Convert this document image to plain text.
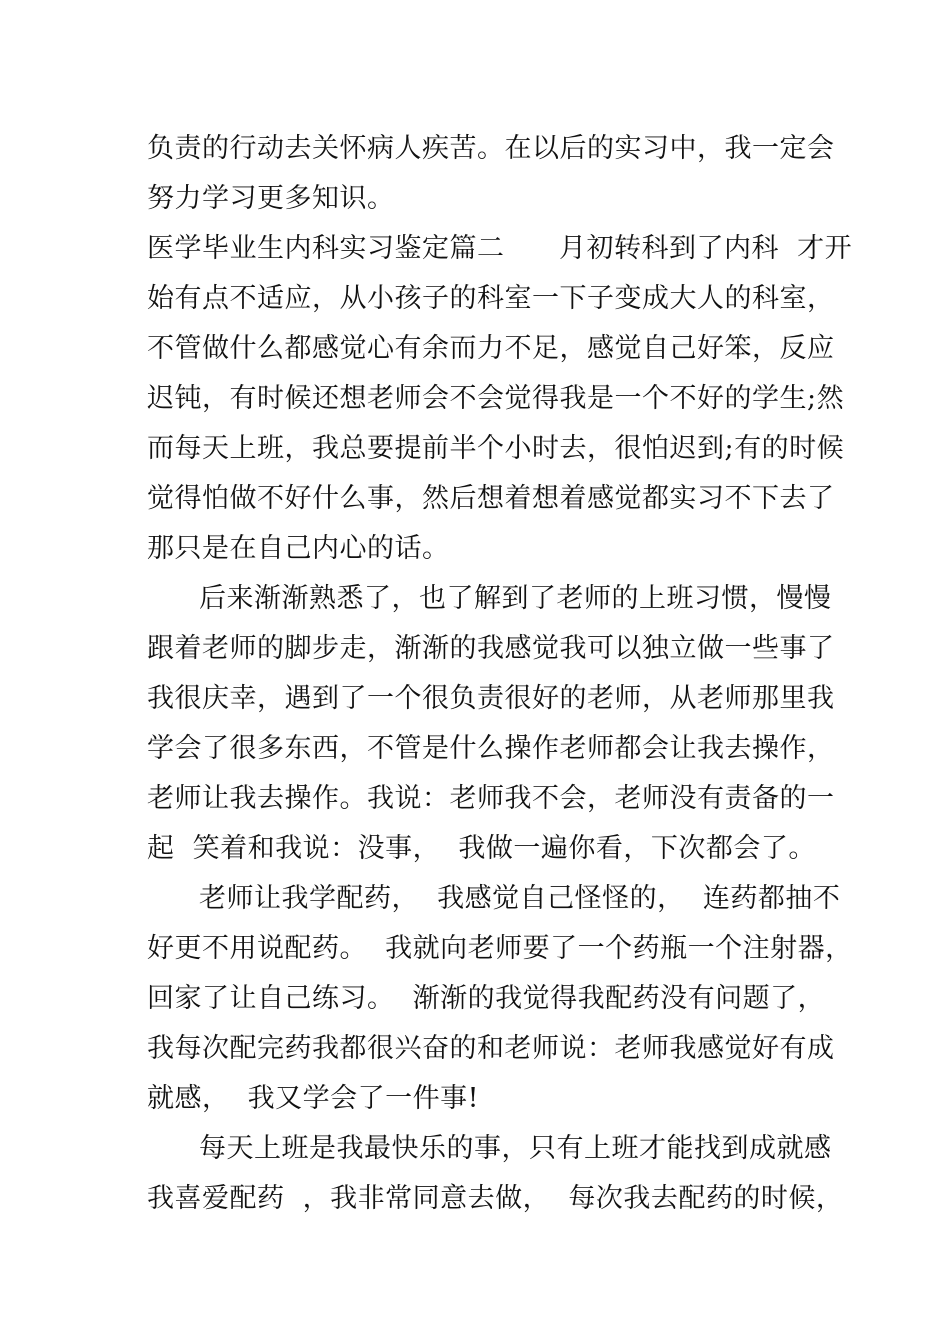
负责的行动去关怀病人疾苦。在以后的实习中，我一定会
努力学习更多知识。
医学毕业生内科实习鉴定篇二      月初转科到了内科  才开
始有点不适应，从小孩子的科室一下子变成大人的科室，
不管做什么都感觉心有余而力不足，感觉自己好笨，反应
迟钝，有时候还想老师会不会觉得我是一个不好的学生;然
而每天上班，我总要提前半个小时去，很怕迟到;有的时候
觉得怕做不好什么事，然后想着想着感觉都实习不下去了
那只是在自己内心的话。
后来渐渐熟悉了，也了解到了老师的上班习惯，慢慢
跟着老师的脚步走，渐渐的我感觉我可以独立做一些事了
我很庆幸，遇到了一个很负责很好的老师，从老师那里我
学会了很多东西，不管是什么操作老师都会让我去操作，
老师让我去操作。我说：老师我不会，老师没有责备的一
起  笑着和我说：没事，  我做一遍你看，下次都会了。
老师让我学配药，  我感觉自己怪怪的，  连药都抽不
好更不用说配药。  我就向老师要了一个药瓶一个注射器，
回家了让自己练习。  渐渐的我觉得我配药没有问题了，
我每次配完药我都很兴奋的和老师说：老师我感觉好有成
就感，  我又学会了一件事!
每天上班是我最快乐的事，只有上班才能找到成就感
我喜爱配药  ，我非常同意去做，  每次我去配药的时候，
